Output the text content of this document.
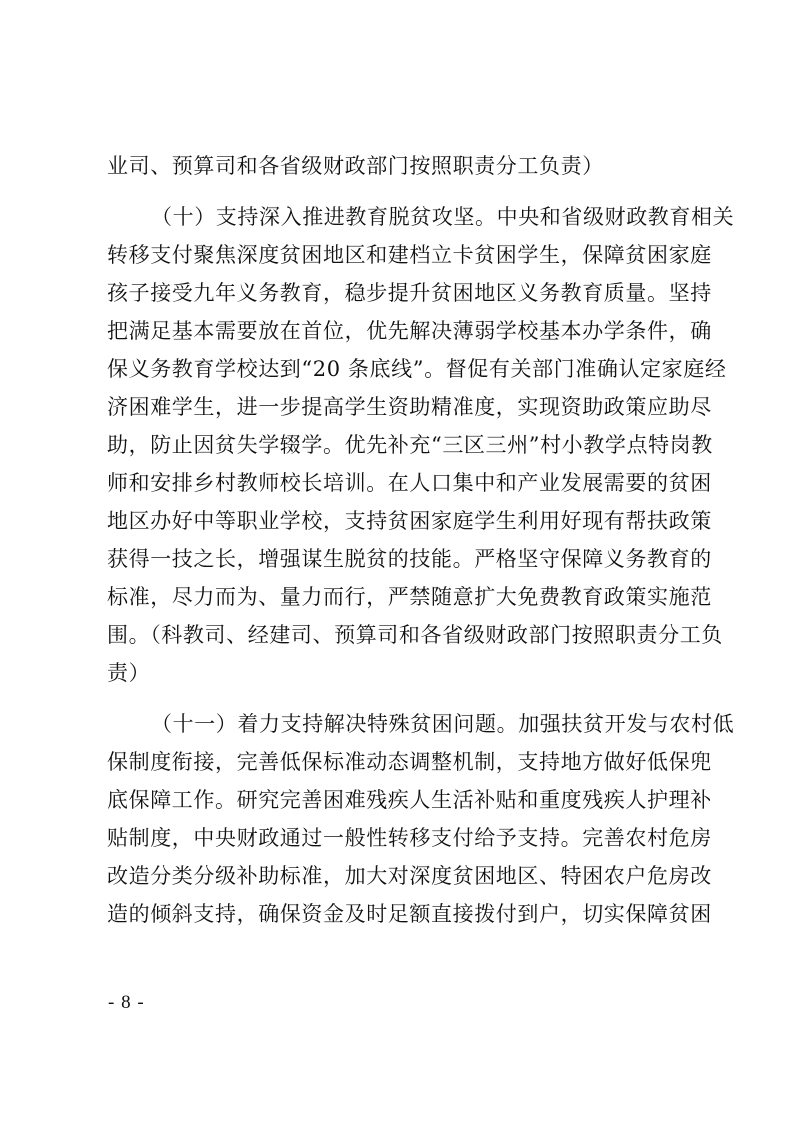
业司、预算司和各省级财政部门按照职责分工负责）
（十）支持深入推进教育脱贫攻坚。中央和省级财政教育相关
转移支付聚焦深度贫困地区和建档立卡贫困学生，保障贫困家庭
孩子接受九年义务教育，稳步提升贫困地区义务教育质量。坚持
把满足基本需要放在首位，优先解决薄弱学校基本办学条件，确
保义务教育学校达到“20 条底线”。督促有关部门准确认定家庭经
济困难学生，进一步提高学生资助精准度，实现资助政策应助尽
助，防止因贫失学辍学。优先补充“三区三州”村小教学点特岗教
师和安排乡村教师校长培训。在人口集中和产业发展需要的贫困
地区办好中等职业学校，支持贫困家庭学生利用好现有帮扶政策
获得一技之长，增强谋生脱贫的技能。严格坚守保障义务教育的
标准，尽力而为、量力而行，严禁随意扩大免费教育政策实施范
围。（科教司、经建司、预算司和各省级财政部门按照职责分工负
责）
（十一）着力支持解决特殊贫困问题。加强扶贫开发与农村低
保制度衔接，完善低保标准动态调整机制，支持地方做好低保兜
底保障工作。研究完善困难残疾人生活补贴和重度残疾人护理补
贴制度，中央财政通过一般性转移支付给予支持。完善农村危房
改造分类分级补助标准，加大对深度贫困地区、特困农户危房改
造的倾斜支持，确保资金及时足额直接拨付到户，切实保障贫困
- 8 -
